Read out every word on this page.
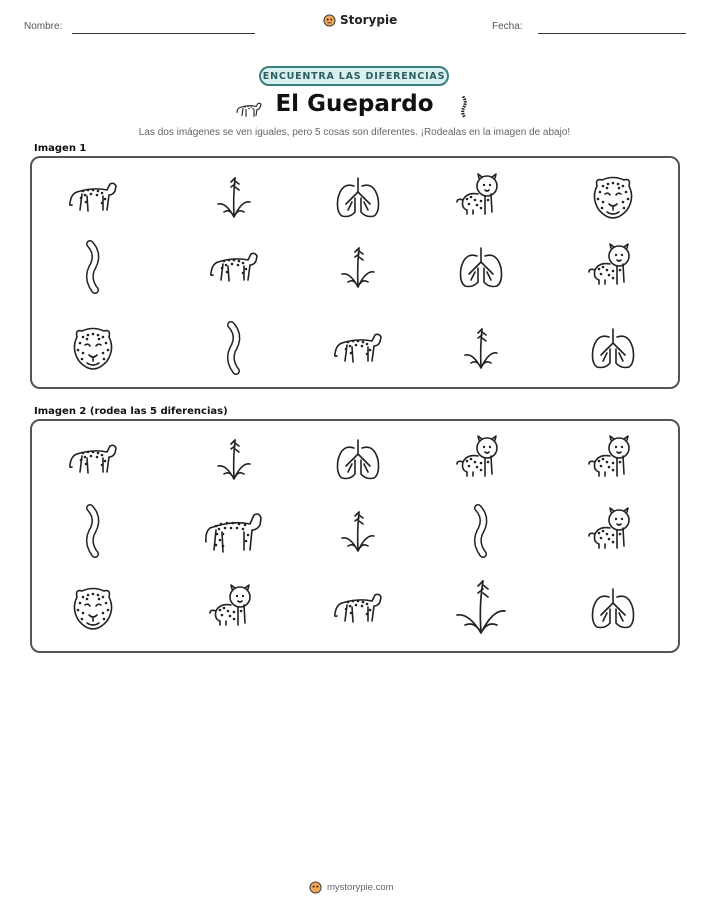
Nombre:	Storypie	Fecha:
ENCUENTRA LAS DIFERENCIAS
El Guepardo
Las dos imágenes se ven iguales, pero 5 cosas son diferentes. ¡Rodealas en la imagen de abajo!
Imagen 1
Imagen 2 (rodea las 5 diferencias)
mystorypie.com
